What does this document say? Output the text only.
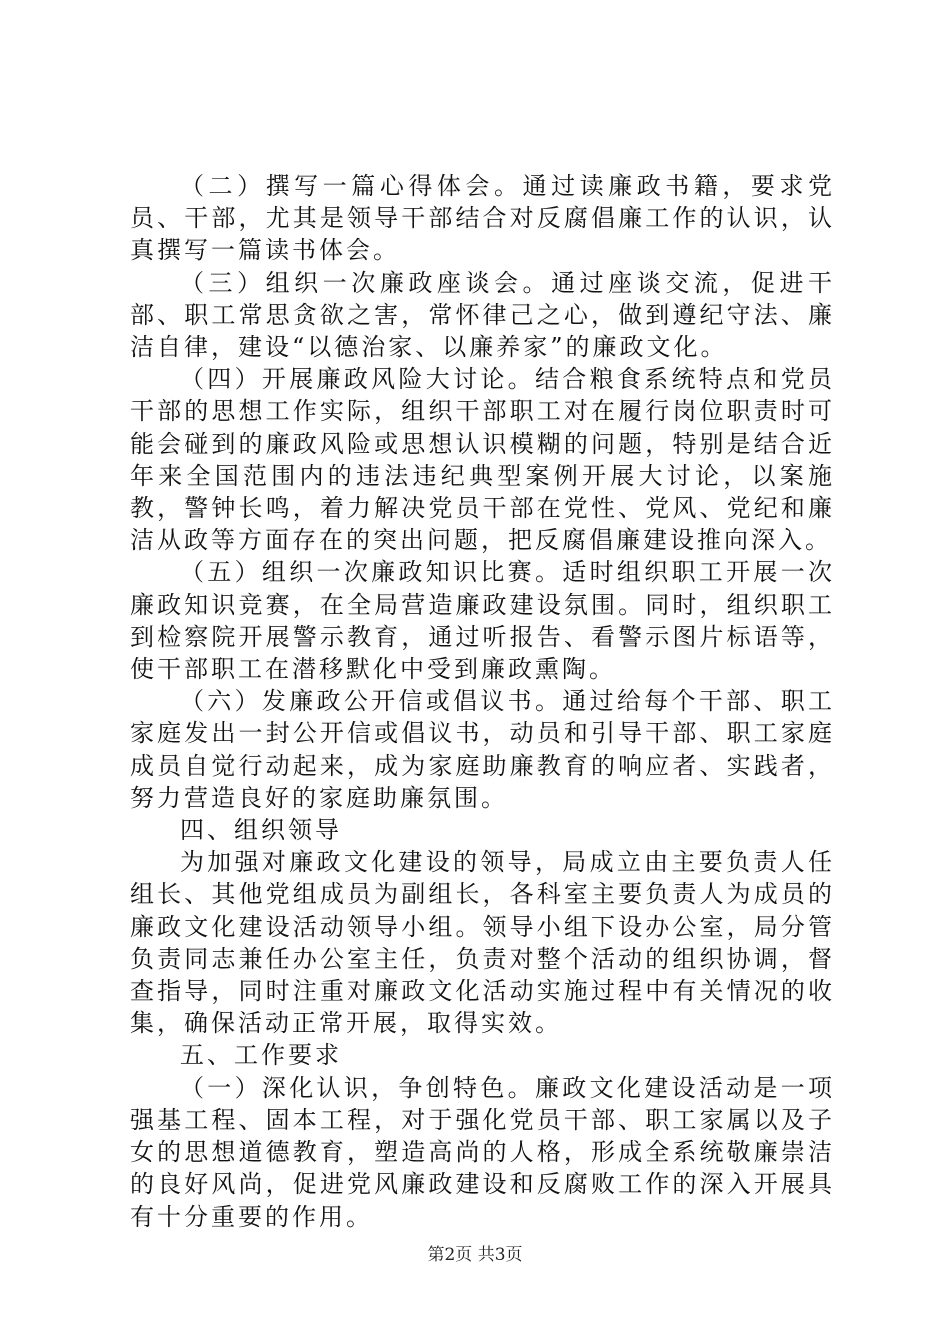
（二）撰写一篇心得体会。通过读廉政书籍，要求党员、干部，尤其是领导干部结合对反腐倡廉工作的认识，认真撰写一篇读书体会。

（三）组织一次廉政座谈会。通过座谈交流，促进干部、职工常思贪欲之害，常怀律己之心，做到遵纪守法、廉洁自律，建设“以德治家、以廉养家”的廉政文化。

（四）开展廉政风险大讨论。结合粮食系统特点和党员干部的思想工作实际，组织干部职工对在履行岗位职责时可能会碰到的廉政风险或思想认识模糊的问题，特别是结合近年来全国范围内的违法违纪典型案例开展大讨论，以案施教，警钟长鸣，着力解决党员干部在党性、党风、党纪和廉洁从政等方面存在的突出问题，把反腐倡廉建设推向深入。

（五）组织一次廉政知识比赛。适时组织职工开展一次廉政知识竞赛，在全局营造廉政建设氛围。同时，组织职工到检察院开展警示教育，通过听报告、看警示图片标语等，使干部职工在潜移默化中受到廉政熏陶。

（六）发廉政公开信或倡议书。通过给每个干部、职工家庭发出一封公开信或倡议书，动员和引导干部、职工家庭成员自觉行动起来，成为家庭助廉教育的响应者、实践者，努力营造良好的家庭助廉氛围。

四、组织领导

为加强对廉政文化建设的领导，局成立由主要负责人任组长、其他党组成员为副组长，各科室主要负责人为成员的廉政文化建设活动领导小组。领导小组下设办公室，局分管负责同志兼任办公室主任，负责对整个活动的组织协调，督查指导，同时注重对廉政文化活动实施过程中有关情况的收集，确保活动正常开展，取得实效。

五、工作要求

（一）深化认识，争创特色。廉政文化建设活动是一项强基工程、固本工程，对于强化党员干部、职工家属以及子女的思想道德教育，塑造高尚的人格，形成全系统敬廉崇洁的良好风尚，促进党风廉政建设和反腐败工作的深入开展具有十分重要的作用。

第2页 共3页
